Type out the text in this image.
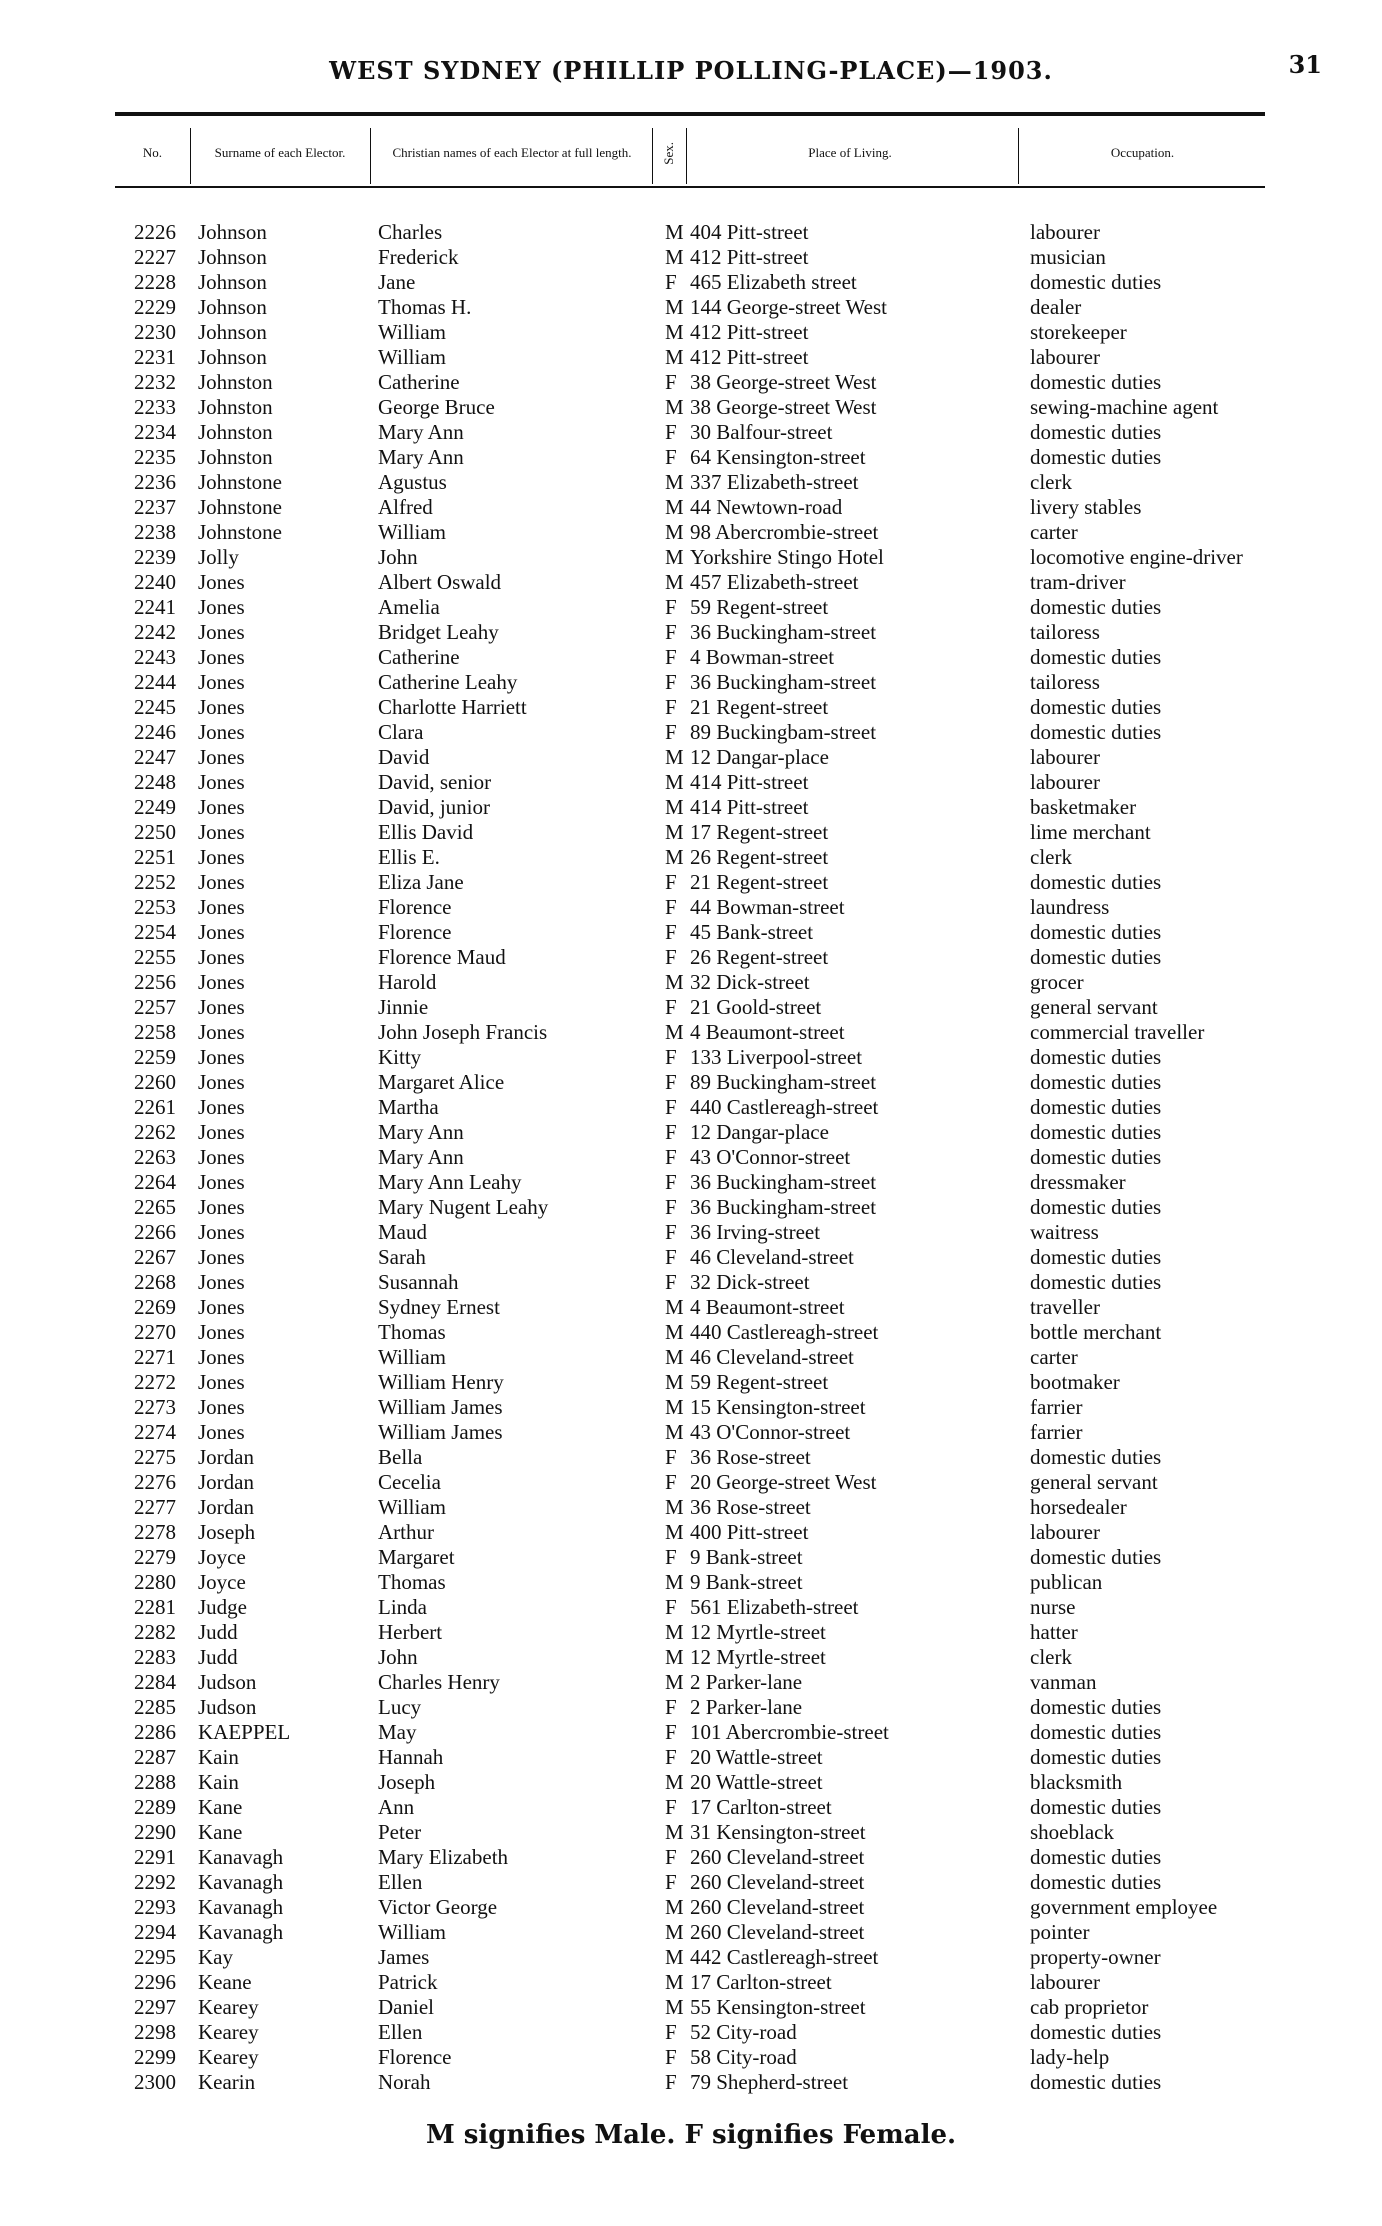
WEST SYDNEY (PHILLIP POLLING-PLACE)—1903.	31
No.	Surname of each Elector.	Christian names of each Elector at full length.	Sex.	Place of Living.	Occupation.
2226 Johnson	Charles	M 404 Pitt-street	labourer
2227 Johnson	Frederick	M 412 Pitt-street	musician
2228 Johnson	Jane	F 465 Elizabeth street	domestic duties
2229 Johnson	Thomas H.	M 144 George-street West	dealer
2230 Johnson	William	M 412 Pitt-street	storekeeper
2231 Johnson	William	M 412 Pitt-street	labourer
2232 Johnston	Catherine	F 38 George-street West	domestic duties
2233 Johnston	George Bruce	M 38 George-street West	sewing-machine agent
2234 Johnston	Mary Ann	F 30 Balfour-street	domestic duties
2235 Johnston	Mary Ann	F 64 Kensington-street	domestic duties
2236 Johnstone	Agustus	M 337 Elizabeth-street	clerk
2237 Johnstone	Alfred	M 44 Newtown-road	livery stables
2238 Johnstone	William	M 98 Abercrombie-street	carter
2239 Jolly	John	M Yorkshire Stingo Hotel	locomotive engine-driver
2240 Jones	Albert Oswald	M 457 Elizabeth-street	tram-driver
2241 Jones	Amelia	F 59 Regent-street	domestic duties
2242 Jones	Bridget Leahy	F 36 Buckingham-street	tailoress
2243 Jones	Catherine	F 4 Bowman-street	domestic duties
2244 Jones	Catherine Leahy	F 36 Buckingham-street	tailoress
2245 Jones	Charlotte Harriett	F 21 Regent-street	domestic duties
2246 Jones	Clara	F 89 Buckingbam-street	domestic duties
2247 Jones	David	M 12 Dangar-place	labourer
2248 Jones	David, senior	M 414 Pitt-street	labourer
2249 Jones	David, junior	M 414 Pitt-street	basketmaker
2250 Jones	Ellis David	M 17 Regent-street	lime merchant
2251 Jones	Ellis E.	M 26 Regent-street	clerk
2252 Jones	Eliza Jane	F 21 Regent-street	domestic duties
2253 Jones	Florence	F 44 Bowman-street	laundress
2254 Jones	Florence	F 45 Bank-street	domestic duties
2255 Jones	Florence Maud	F 26 Regent-street	domestic duties
2256 Jones	Harold	M 32 Dick-street	grocer
2257 Jones	Jinnie	F 21 Goold-street	general servant
2258 Jones	John Joseph Francis	M 4 Beaumont-street	commercial traveller
2259 Jones	Kitty	F 133 Liverpool-street	domestic duties
2260 Jones	Margaret Alice	F 89 Buckingham-street	domestic duties
2261 Jones	Martha	F 440 Castlereagh-street	domestic duties
2262 Jones	Mary Ann	F 12 Dangar-place	domestic duties
2263 Jones	Mary Ann	F 43 O'Connor-street	domestic duties
2264 Jones	Mary Ann Leahy	F 36 Buckingham-street	dressmaker
2265 Jones	Mary Nugent Leahy	F 36 Buckingham-street	domestic duties
2266 Jones	Maud	F 36 Irving-street	waitress
2267 Jones	Sarah	F 46 Cleveland-street	domestic duties
2268 Jones	Susannah	F 32 Dick-street	domestic duties
2269 Jones	Sydney Ernest	M 4 Beaumont-street	traveller
2270 Jones	Thomas	M 440 Castlereagh-street	bottle merchant
2271 Jones	William	M 46 Cleveland-street	carter
2272 Jones	William Henry	M 59 Regent-street	bootmaker
2273 Jones	William James	M 15 Kensington-street	farrier
2274 Jones	William James	M 43 O'Connor-street	farrier
2275 Jordan	Bella	F 36 Rose-street	domestic duties
2276 Jordan	Cecelia	F 20 George-street West	general servant
2277 Jordan	William	M 36 Rose-street	horsedealer
2278 Joseph	Arthur	M 400 Pitt-street	labourer
2279 Joyce	Margaret	F 9 Bank-street	domestic duties
2280 Joyce	Thomas	M 9 Bank-street	publican
2281 Judge	Linda	F 561 Elizabeth-street	nurse
2282 Judd	Herbert	M 12 Myrtle-street	hatter
2283 Judd	John	M 12 Myrtle-street	clerk
2284 Judson	Charles Henry	M 2 Parker-lane	vanman
2285 Judson	Lucy	F 2 Parker-lane	domestic duties
2286 KAEPPEL	May	F 101 Abercrombie-street	domestic duties
2287 Kain	Hannah	F 20 Wattle-street	domestic duties
2288 Kain	Joseph	M 20 Wattle-street	blacksmith
2289 Kane	Ann	F 17 Carlton-street	domestic duties
2290 Kane	Peter	M 31 Kensington-street	shoeblack
2291 Kanavagh	Mary Elizabeth	F 260 Cleveland-street	domestic duties
2292 Kavanagh	Ellen	F 260 Cleveland-street	domestic duties
2293 Kavanagh	Victor George	M 260 Cleveland-street	government employee
2294 Kavanagh	William	M 260 Cleveland-street	pointer
2295 Kay	James	M 442 Castlereagh-street	property-owner
2296 Keane	Patrick	M 17 Carlton-street	labourer
2297 Kearey	Daniel	M 55 Kensington-street	cab proprietor
2298 Kearey	Ellen	F 52 City-road	domestic duties
2299 Kearey	Florence	F 58 City-road	lady-help
2300 Kearin	Norah	F 79 Shepherd-street	domestic duties
M signifies Male. F signifies Female.
